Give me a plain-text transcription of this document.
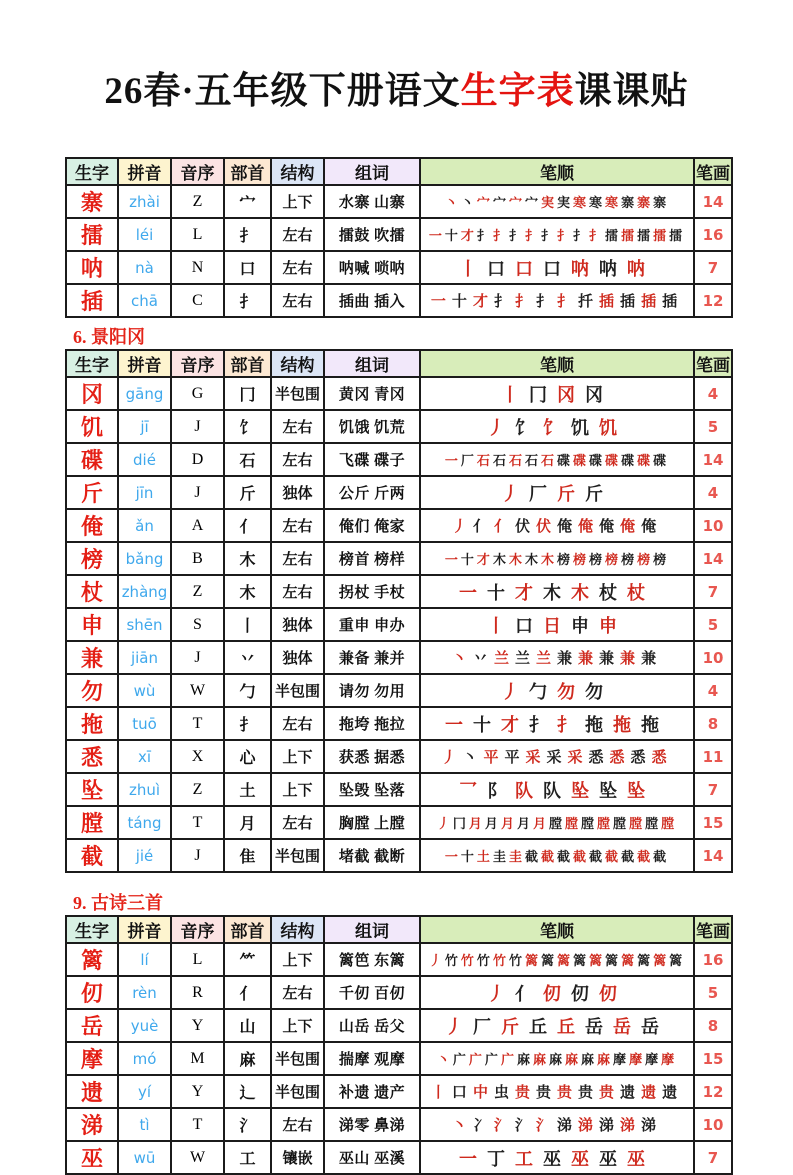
26春·五年级下册语文生字表课课贴
生字	拼音	音序	部首	结构	组词	笔顺	笔画
寨	zhài	Z	宀	上下	水寨 山寨	丶 丶 宀 宀 宀 宀 実 実 寒 寒 寒 寨 寨 寨	14
擂	léi	L	扌	左右	擂鼓 吹擂	一 十 才 扌 扌 扌 扌 扌 扌 扌 扌 擂 擂 擂 擂 擂	16
呐	nà	N	口	左右	呐喊 唢呐	丨 口 口 口 呐 呐 呐	7
插	chā	C	扌	左右	插曲 插入	一 十 才 扌 扌 扌 扌 扦 插 插 插 插	12
6. 景阳冈
生字	拼音	音序	部首	结构	组词	笔顺	笔画
冈	gāng	G	冂	半包围	黄冈 青冈	丨 冂 冈 冈	4
饥	jī	J	饣	左右	饥饿 饥荒	丿 饣 饣 饥 饥	5
碟	dié	D	石	左右	飞碟 碟子	一 厂 石 石 石 石 石 碟 碟 碟 碟 碟 碟 碟	14
斤	jīn	J	斤	独体	公斤 斤两	丿 厂 斤 斤	4
俺	ǎn	A	亻	左右	俺们 俺家	丿 亻 亻 伏 伏 俺 俺 俺 俺 俺	10
榜	bǎng	B	木	左右	榜首 榜样	一 十 才 木 木 木 木 榜 榜 榜 榜 榜 榜 榜	14
杖	zhàng	Z	木	左右	拐杖 手杖	一 十 才 木 木 杖 杖	7
申	shēn	S	丨	独体	重申 申办	丨 口 日 申 申	5
兼	jiān	J	丷	独体	兼备 兼并	丶 丷 兰 兰 兰 兼 兼 兼 兼 兼	10
勿	wù	W	勹	半包围	请勿 勿用	丿 勹 勿 勿	4
拖	tuō	T	扌	左右	拖垮 拖拉	一 十 才 扌 扌 拖 拖 拖	8
悉	xī	X	心	上下	获悉 据悉	丿 丶 平 平 采 采 采 悉 悉 悉 悉	11
坠	zhuì	Z	土	上下	坠毁 坠落	乛 阝 队 队 坠 坠 坠	7
膛	táng	T	月	左右	胸膛 上膛	丿 冂 月 月 月 月 月 膛 膛 膛 膛 膛 膛 膛 膛	15
截	jié	J	隹	半包围	堵截 截断	一 十 土 圭 圭 截 截 截 截 截 截 截 截 截	14
9. 古诗三首
生字	拼音	音序	部首	结构	组词	笔顺	笔画
篱	lí	L	⺮	上下	篱笆 东篱	丿 竹 竹 竹 竹 竹 篱 篱 篱 篱 篱 篱 篱 篱 篱 篱	16
仞	rèn	R	亻	左右	千仞 百仞	丿 亻 仞 仞 仞	5
岳	yuè	Y	山	上下	山岳 岳父	丿 厂 斤 丘 丘 岳 岳 岳	8
摩	mó	M	麻	半包围	揣摩 观摩	丶 广 广 广 广 麻 麻 麻 麻 麻 麻 摩 摩 摩 摩	15
遗	yí	Y	辶	半包围	补遗 遗产	丨 口 中 虫 贵 贵 贵 贵 贵 遗 遗 遗	12
涕	tì	T	氵	左右	涕零 鼻涕	丶 冫 氵 氵 氵 涕 涕 涕 涕 涕	10
巫	wū	W	工	镶嵌	巫山 巫溪	一 丁 工 巫 巫 巫 巫	7
